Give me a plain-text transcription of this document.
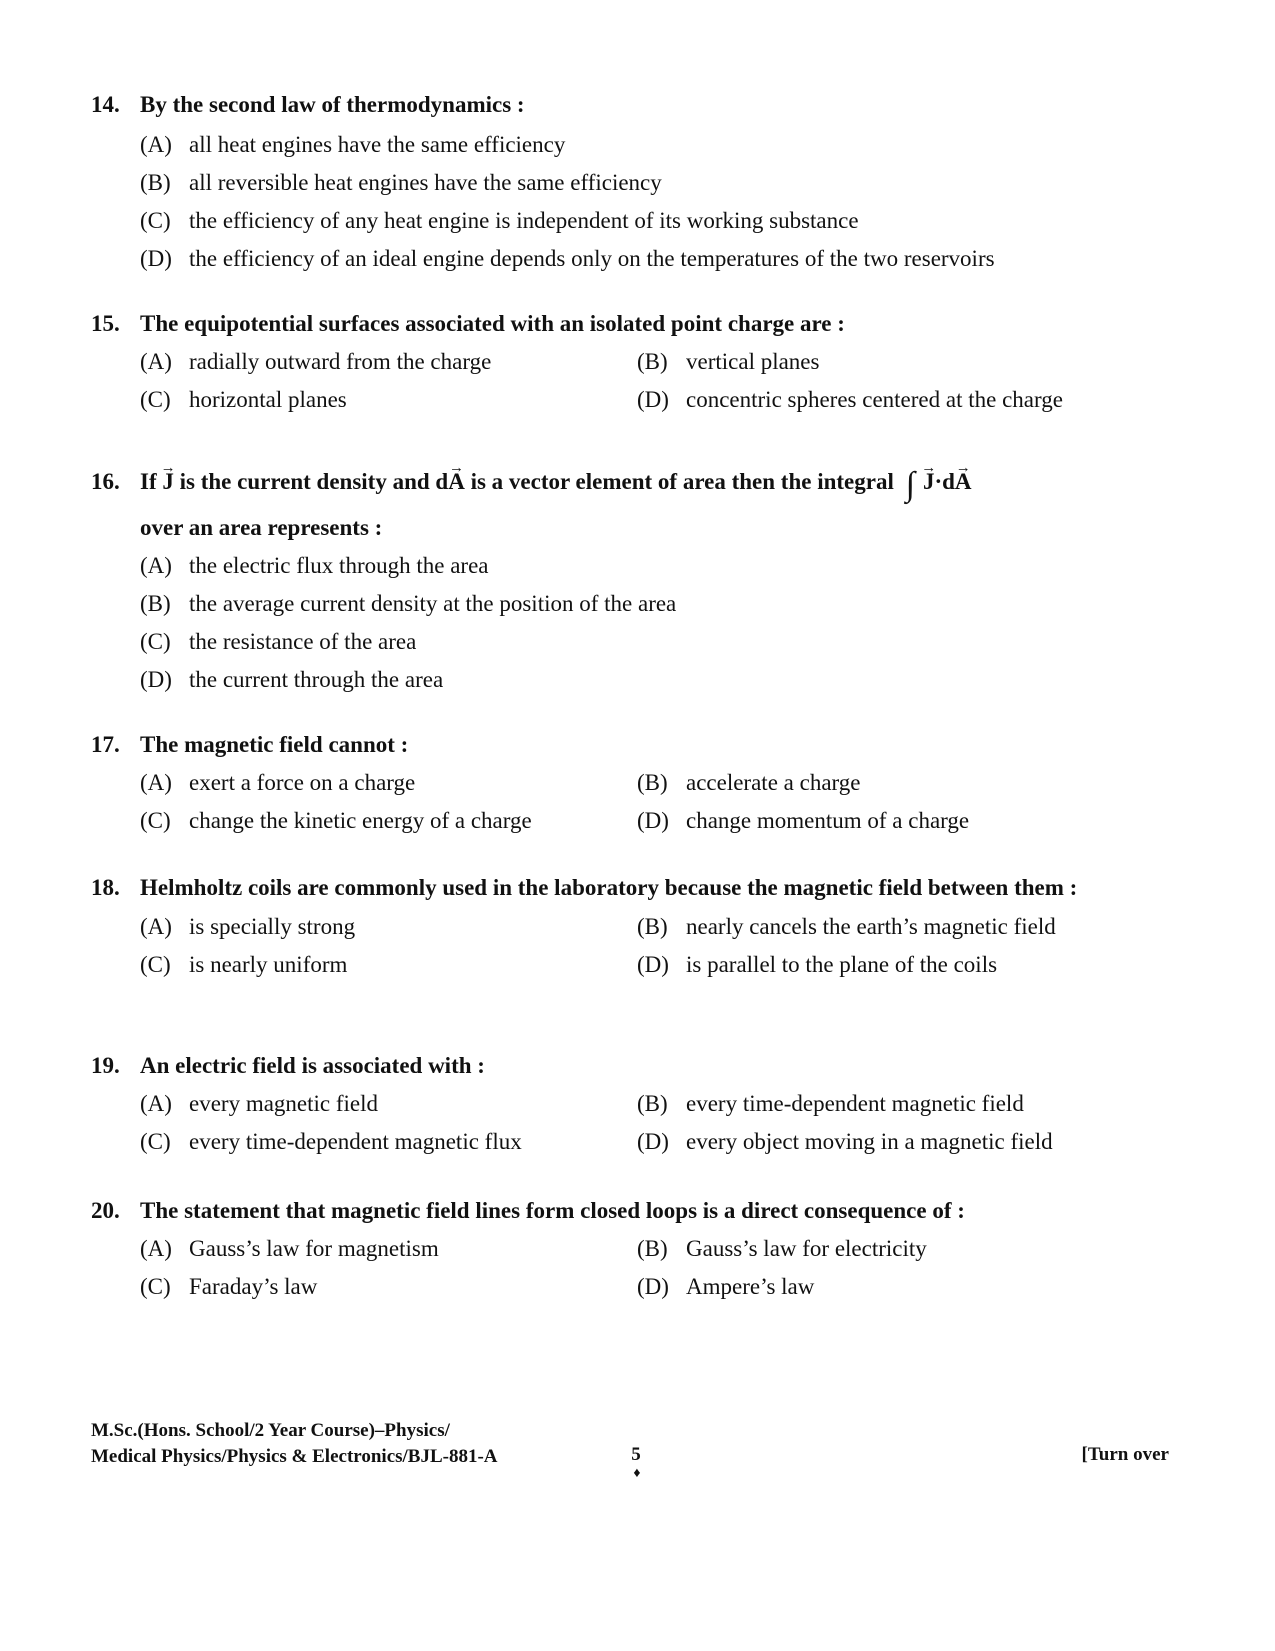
14. By the second law of thermodynamics :
(A) all heat engines have the same efficiency
(B) all reversible heat engines have the same efficiency
(C) the efficiency of any heat engine is independent of its working substance
(D) the efficiency of an ideal engine depends only on the temperatures of the two reservoirs
15. The equipotential surfaces associated with an isolated point charge are :
(A) radially outward from the charge	(B) vertical planes
(C) horizontal planes	(D) concentric spheres centered at the charge
16. If → J is the current density and d→ A is a vector element of area then the integral ∫ → J·d→ A
over an area represents :
(A) the electric flux through the area
(B) the average current density at the position of the area
(C) the resistance of the area
(D) the current through the area
17. The magnetic field cannot :
(A) exert a force on a charge	(B) accelerate a charge
(C) change the kinetic energy of a charge	(D) change momentum of a charge
18. Helmholtz coils are commonly used in the laboratory because the magnetic field between them :
(A) is specially strong	(B) nearly cancels the earth’s magnetic field
(C) is nearly uniform	(D) is parallel to the plane of the coils
19. An electric field is associated with :
(A) every magnetic field	(B) every time-dependent magnetic field
(C) every time-dependent magnetic flux	(D) every object moving in a magnetic field
20. The statement that magnetic field lines form closed loops is a direct consequence of :
(A) Gauss’s law for magnetism	(B) Gauss’s law for electricity
(C) Faraday’s law	(D) Ampere’s law
M.Sc.(Hons. School/2 Year Course)–Physics/
Medical Physics/Physics & Electronics/BJL-881-A	5
♦
[Turn over
